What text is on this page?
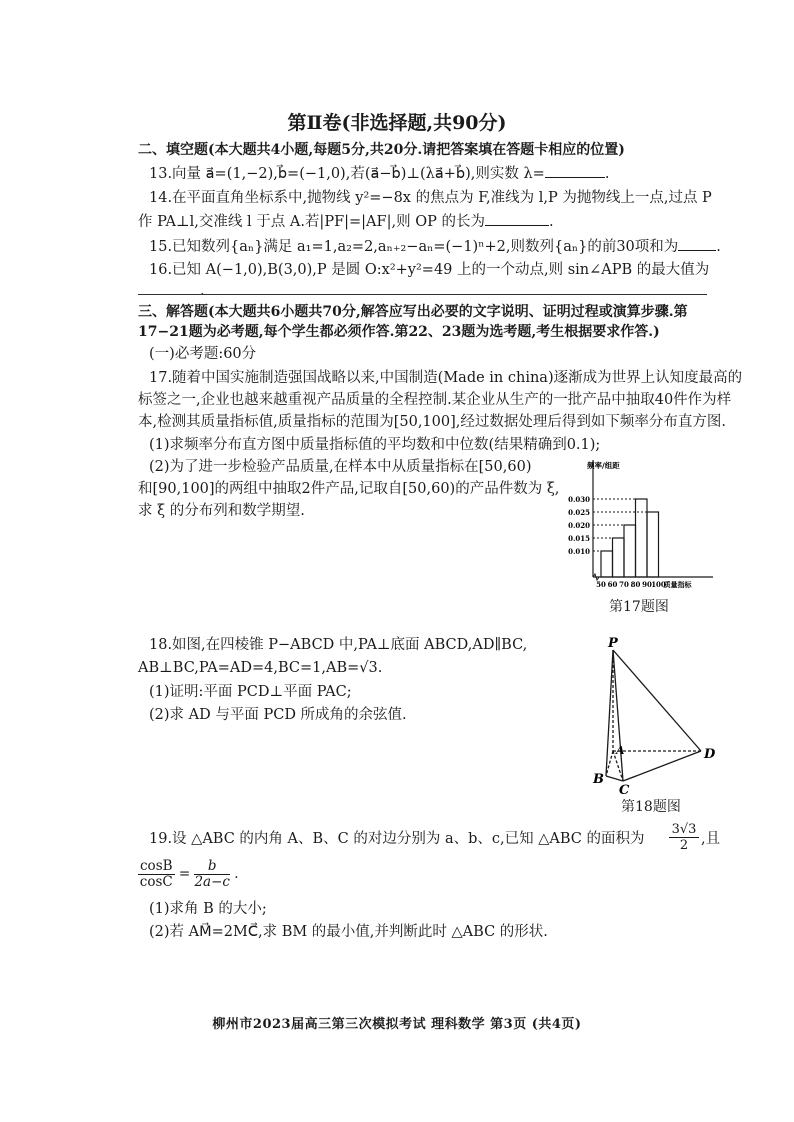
第Ⅱ卷(非选择题,共90分)
二、填空题(本大题共4小题,每题5分,共20分.请把答案填在答题卡相应的位置)
13.向量 a⃗=(1,−2),b⃗=(−1,0),若(a⃗−b⃗)⊥(λa⃗+b⃗),则实数 λ=	.
14.在平面直角坐标系中,抛物线 y²=−8x 的焦点为 F,准线为 l,P 为抛物线上一点,过点 P
作 PA⊥l,交准线 l 于点 A.若|PF|=|AF|,则 OP 的长为	.
15.已知数列{aₙ}满足 a₁=1,a₂=2,aₙ₊₂−aₙ=(−1)ⁿ+2,则数列{aₙ}的前30项和为	.
16.已知 A(−1,0),B(3,0),P 是圆 O:x²+y²=49 上的一个动点,则 sin∠APB 的最大值为
.
三、解答题(本大题共6小题共70分,解答应写出必要的文字说明、证明过程或演算步骤.第
17−21题为必考题,每个学生都必须作答.第22、23题为选考题,考生根据要求作答.)
(一)必考题:60分
17.随着中国实施制造强国战略以来,中国制造(Made in china)逐渐成为世界上认知度最高的
标签之一,企业也越来越重视产品质量的全程控制.某企业从生产的一批产品中抽取40件作为样
本,检测其质量指标值,质量指标的范围为[50,100],经过数据处理后得到如下频率分布直方图.
(1)求频率分布直方图中质量指标值的平均数和中位数(结果精确到0.1);
(2)为了进一步检验产品质量,在样本中从质量指标在[50,60)
和[90,100]的两组中抽取2件产品,记取自[50,60)的产品件数为 ξ,
求 ξ 的分布列和数学期望.
0.030
0.025
0.020
0.015
0.010
50 60 70 80 90 100
频率/组距
质量指标
第17题图
18.如图,在四棱锥 P−ABCD 中,PA⊥底面 ABCD,AD∥BC,
AB⊥BC,PA=AD=4,BC=1,AB=√3.
(1)证明:平面 PCD⊥平面 PAC;
(2)求 AD 与平面 PCD 所成角的余弦值.
P
A
B
C
D
第18题图
19.设 △ABC 的内角 A、B、C 的对边分别为 a、b、c,已知 △ABC 的面积为 $\frac{3√3}{2}$ ,且
$\frac{\cos B}{\cos C} = \frac{b}{2a-c}$ .
(1)求角 B 的大小;
(2)若 AM⃗=2MC⃗,求 BM 的最小值,并判断此时 △ABC 的形状.
柳州市2023届高三第三次模拟考试 理科数学 第3页 (共4页)
